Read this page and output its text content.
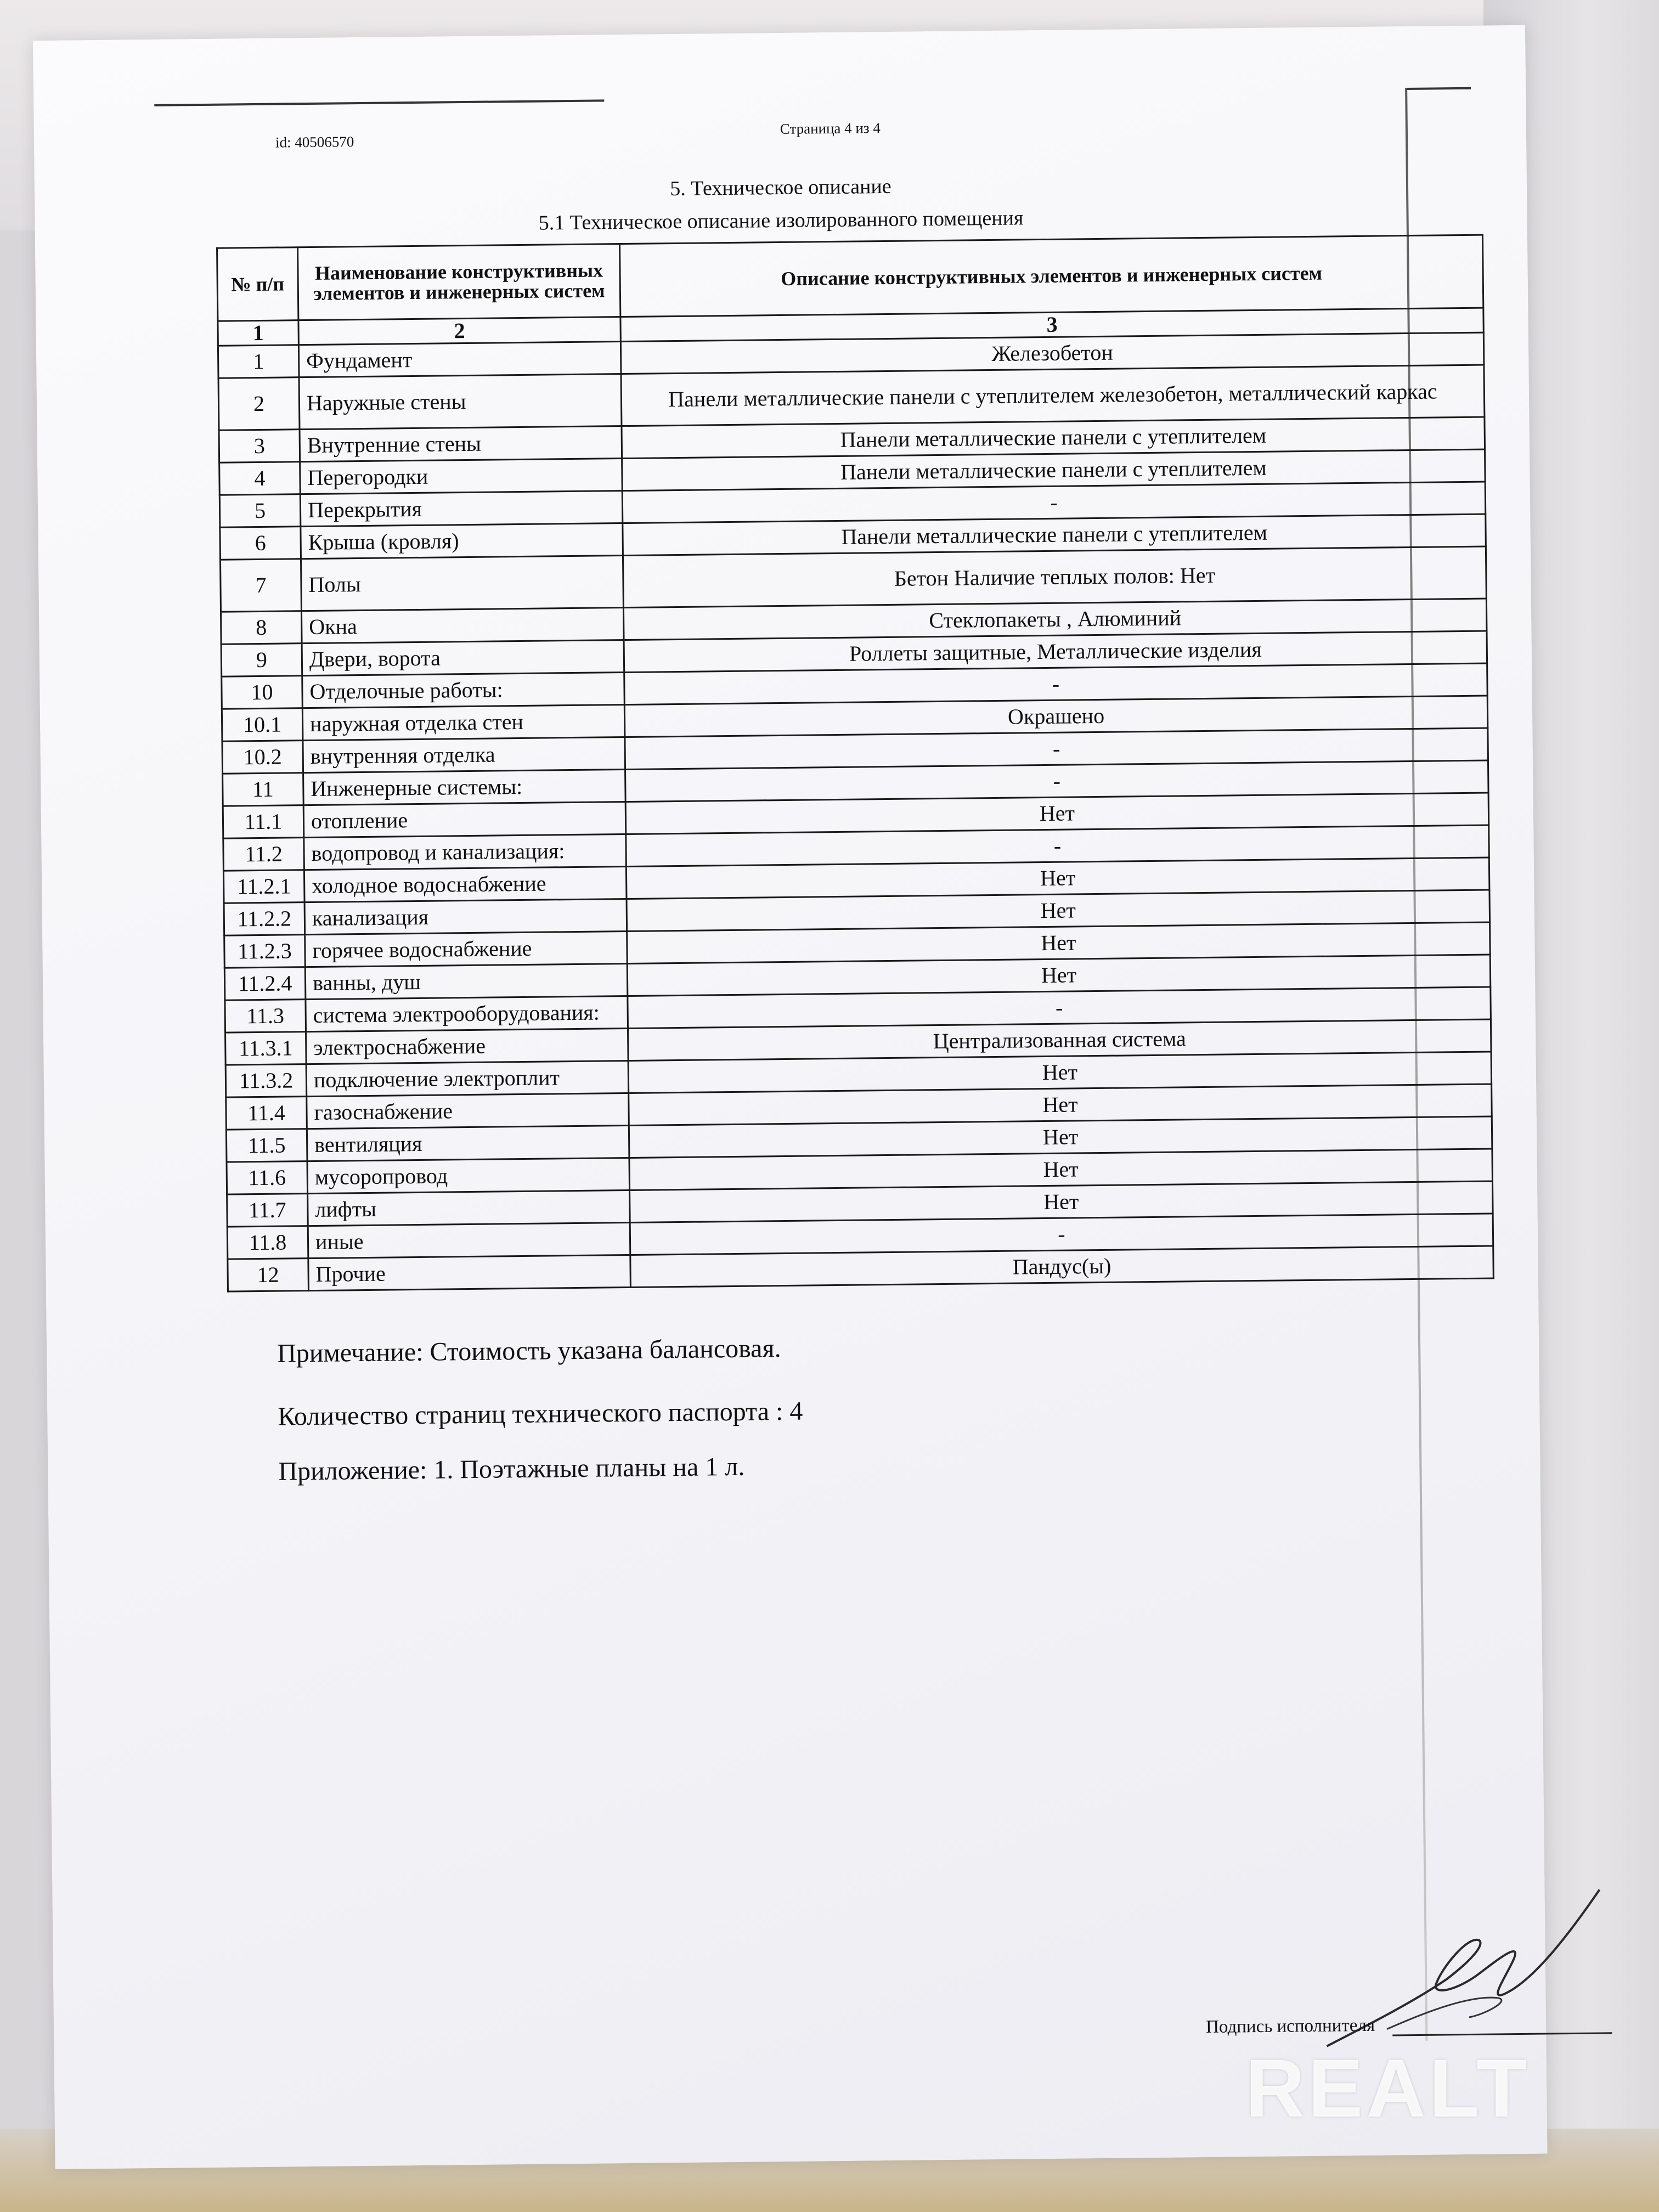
id: 40506570
Страница 4 из 4
5. Техническое описание
5.1 Техническое описание изолированного помещения
№ п/п	Наименование конструктивных элементов и инженерных систем	Описание конструктивных элементов и инженерных систем
1	2	3
1	Фундамент	Железобетон
2	Наружные стены	Панели металлические панели с утеплителем железобетон, металлический каркас
3	Внутренние стены	Панели металлические панели с утеплителем
4	Перегородки	Панели металлические панели с утеплителем
5	Перекрытия	-
6	Крыша (кровля)	Панели металлические панели с утеплителем
7	Полы	Бетон Наличие теплых полов: Нет
8	Окна	Стеклопакеты , Алюминий
9	Двери, ворота	Роллеты защитные, Металлические изделия
10	Отделочные работы:	-
10.1	наружная отделка стен	Окрашено
10.2	внутренняя отделка	-
11	Инженерные системы:	-
11.1	отопление	Нет
11.2	водопровод и канализация:	-
11.2.1	холодное водоснабжение	Нет
11.2.2	канализация	Нет
11.2.3	горячее водоснабжение	Нет
11.2.4	ванны, душ	Нет
11.3	система электрооборудования:	-
11.3.1	электроснабжение	Централизованная система
11.3.2	подключение электроплит	Нет
11.4	газоснабжение	Нет
11.5	вентиляция	Нет
11.6	мусоропровод	Нет
11.7	лифты	Нет
11.8	иные	-
12	Прочие	Пандус(ы)
Примечание: Стоимость указана балансовая.
Количество страниц технического паспорта : 4
Приложение: 1. Поэтажные планы на 1 л.
Подпись исполнителя
REALT
